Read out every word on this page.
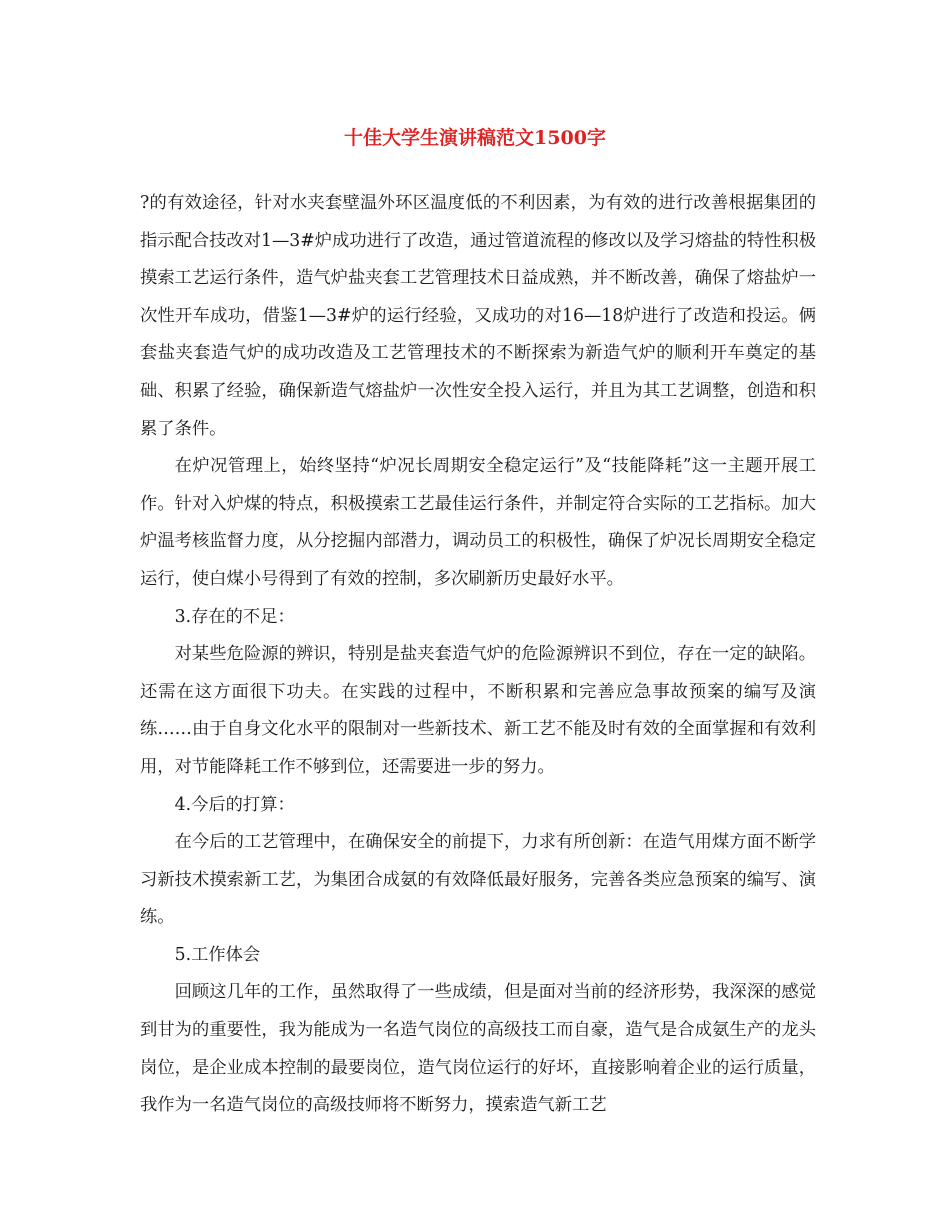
十佳大学生演讲稿范文1500字

?的有效途径，针对水夹套壁温外环区温度低的不利因素，为有效的进行改善根据集团的指示配合技改对1—3#炉成功进行了改造，通过管道流程的修改以及学习熔盐的特性积极摸索工艺运行条件，造气炉盐夹套工艺管理技术日益成熟，并不断改善，确保了熔盐炉一次性开车成功，借鉴1—3#炉的运行经验，又成功的对16—18炉进行了改造和投运。俩套盐夹套造气炉的成功改造及工艺管理技术的不断探索为新造气炉的顺利开车奠定的基础、积累了经验，确保新造气熔盐炉一次性安全投入运行，并且为其工艺调整，创造和积累了条件。

在炉况管理上，始终坚持“炉况长周期安全稳定运行”及“技能降耗”这一主题开展工作。针对入炉煤的特点，积极摸索工艺最佳运行条件，并制定符合实际的工艺指标。加大炉温考核监督力度，从分挖掘内部潜力，调动员工的积极性，确保了炉况长周期安全稳定运行，使白煤小号得到了有效的控制，多次刷新历史最好水平。

3.存在的不足：

对某些危险源的辨识，特别是盐夹套造气炉的危险源辨识不到位，存在一定的缺陷。还需在这方面很下功夫。在实践的过程中，不断积累和完善应急事故预案的编写及演练……由于自身文化水平的限制对一些新技术、新工艺不能及时有效的全面掌握和有效利用，对节能降耗工作不够到位，还需要进一步的努力。

4.今后的打算：

在今后的工艺管理中，在确保安全的前提下，力求有所创新：在造气用煤方面不断学习新技术摸索新工艺，为集团合成氨的有效降低最好服务，完善各类应急预案的编写、演练。

5.工作体会

回顾这几年的工作，虽然取得了一些成绩，但是面对当前的经济形势，我深深的感觉到甘为的重要性，我为能成为一名造气岗位的高级技工而自豪，造气是合成氨生产的龙头岗位，是企业成本控制的最要岗位，造气岗位运行的好坏，直接影响着企业的运行质量，我作为一名造气岗位的高级技师将不断努力，摸索造气新工艺
